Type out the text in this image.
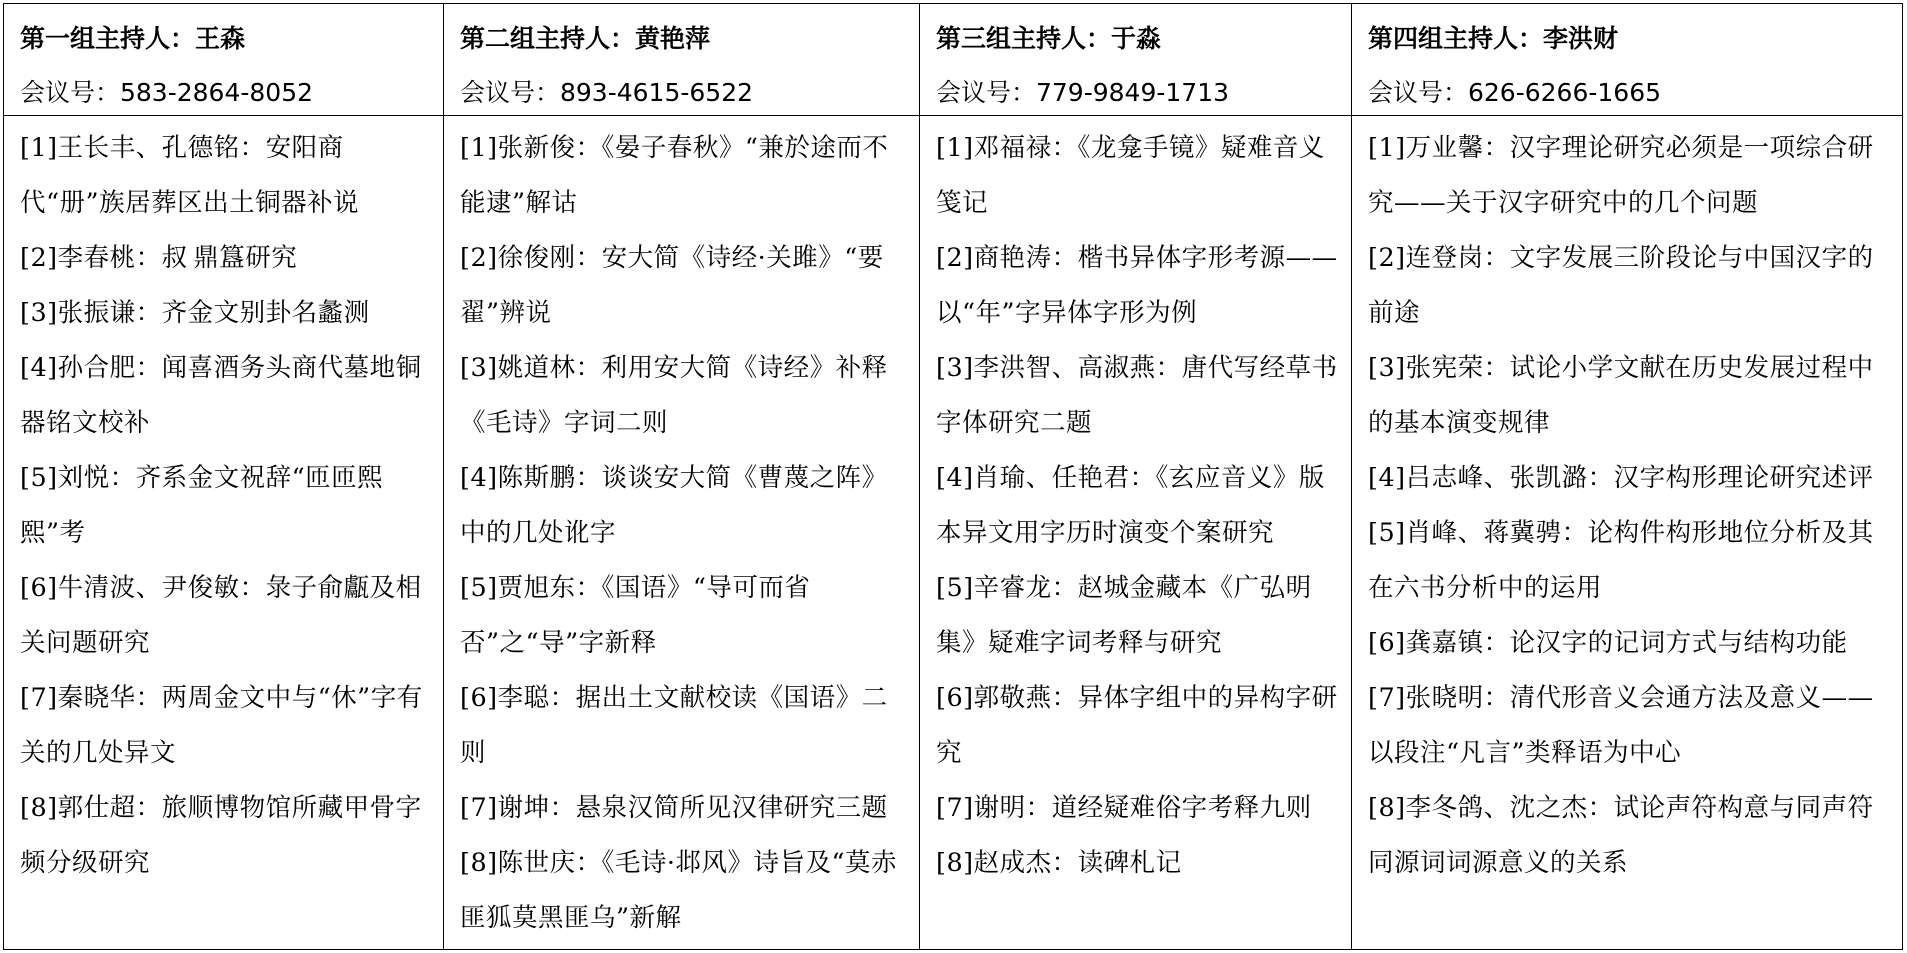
第一组主持人：王森
会议号：583-2864-8052
第二组主持人：黄艳萍
会议号：893-4615-6522
第三组主持人：于淼
会议号：779-9849-1713
第四组主持人：李洪财
会议号：626-6266-1665
[1]王长丰、孔德铭：安阳商代“册”族居葬区出土铜器补说
[2]李春桃：叔 鼎簋研究
[3]张振谦：齐金文别卦名蠡测
[4]孙合肥：闻喜酒务头商代墓地铜器铭文校补
[5]刘悦：齐系金文祝辞“匝匝熙熙”考
[6]牛清波、尹俊敏：彔子俞甗及相关问题研究
[7]秦晓华：两周金文中与“休”字有关的几处异文
[8]郭仕超：旅顺博物馆所藏甲骨字频分级研究
[1]张新俊：《晏子春秋》“兼於途而不能逮”解诂
[2]徐俊刚：安大简《诗经·关雎》“要翟”辨说
[3]姚道林：利用安大简《诗经》补释《毛诗》字词二则
[4]陈斯鹏：谈谈安大简《曹蔑之阵》中的几处讹字
[5]贾旭东：《国语》“导可而省否”之“导”字新释
[6]李聪：据出土文献校读《国语》二则
[7]谢坤：悬泉汉简所见汉律研究三题
[8]陈世庆：《毛诗·邶风》诗旨及“莫赤匪狐莫黑匪乌”新解
[1]邓福禄：《龙龛手镜》疑难音义笺记
[2]商艳涛：楷书异体字形考源——以“年”字异体字形为例
[3]李洪智、高淑燕：唐代写经草书字体研究二题
[4]肖瑜、任艳君：《玄应音义》版本异文用字历时演变个案研究
[5]辛睿龙：赵城金藏本《广弘明集》疑难字词考释与研究
[6]郭敬燕：异体字组中的异构字研究
[7]谢明：道经疑难俗字考释九则
[8]赵成杰：读碑札记
[1]万业馨：汉字理论研究必须是一项综合研究——关于汉字研究中的几个问题
[2]连登岗：文字发展三阶段论与中国汉字的前途
[3]张宪荣：试论小学文献在历史发展过程中的基本演变规律
[4]吕志峰、张凯潞：汉字构形理论研究述评
[5]肖峰、蒋冀骋：论构件构形地位分析及其在六书分析中的运用
[6]龚嘉镇：论汉字的记词方式与结构功能
[7]张晓明：清代形音义会通方法及意义——以段注“凡言”类释语为中心
[8]李冬鸽、沈之杰：试论声符构意与同声符同源词词源意义的关系
